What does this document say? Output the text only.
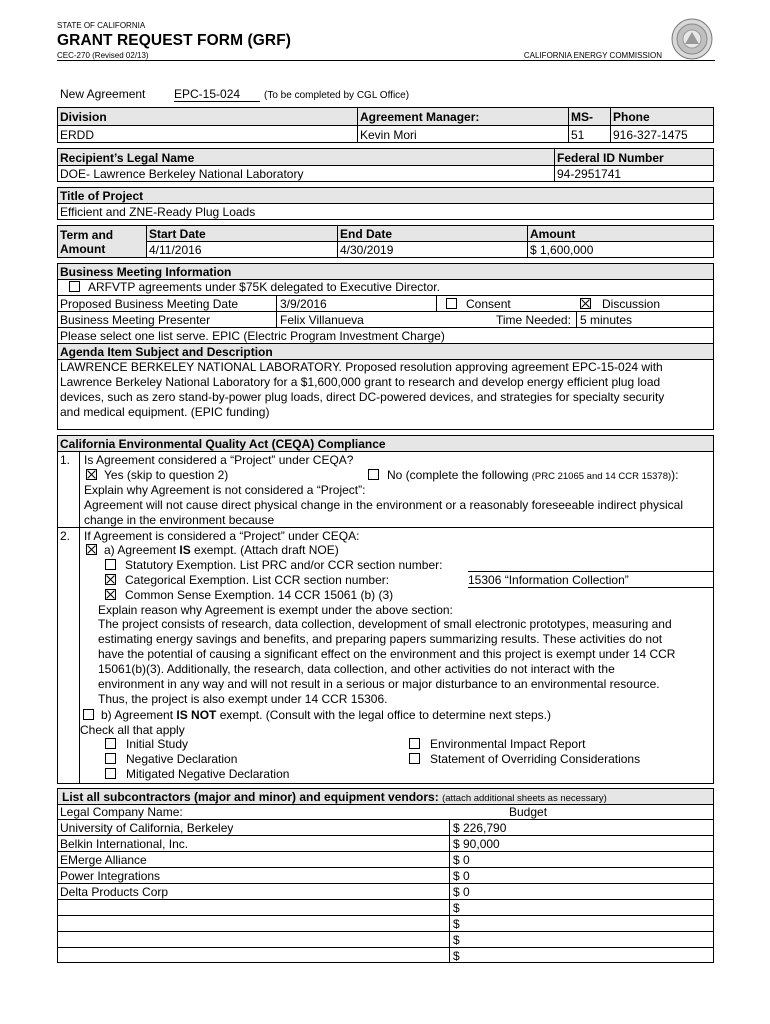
STATE OF CALIFORNIA
GRANT REQUEST FORM (GRF)
CEC-270 (Revised 02/13)	CALIFORNIA ENERGY COMMISSION
New Agreement EPC-15-024	(To be completed by CGL Office)
Division	Agreement Manager:	MS- Phone
ERDD	Kevin Mori	51 916-327-1475
Recipient’s Legal Name	Federal ID Number
DOE- Lawrence Berkeley National Laboratory	94-2951741
Title of Project
Efficient and ZNE-Ready Plug Loads
Term and
Amount
Start Date	End Date	Amount
4/11/2016	4/30/2019	$ 1,600,000
Business Meeting Information
ARFVTP agreements under $75K delegated to Executive Director.
Proposed Business Meeting Date	3/9/2016	Consent	Discussion
Business Meeting Presenter	Felix Villanueva	Time Needed: 5 minutes
Please select one list serve. EPIC (Electric Program Investment Charge)
Agenda Item Subject and Description
LAWRENCE BERKELEY NATIONAL LABORATORY. Proposed resolution approving agreement EPC-15-024 with
Lawrence Berkeley National Laboratory for a $1,600,000 grant to research and develop energy efficient plug load
devices, such as zero stand-by-power plug loads, direct DC-powered devices, and strategies for specialty security
and medical equipment. (EPIC funding)
California Environmental Quality Act (CEQA) Compliance
1. Is Agreement considered a “Project” under CEQA?
Yes (skip to question 2)	No (complete the following (PRC 21065 and 14 CCR 15378)):
Explain why Agreement is not considered a “Project”:
Agreement will not cause direct physical change in the environment or a reasonably foreseeable indirect physical
change in the environment because
2. If Agreement is considered a “Project” under CEQA:
a) Agreement IS exempt. (Attach draft NOE)
Statutory Exemption. List PRC and/or CCR section number:
Categorical Exemption. List CCR section number:	15306 “Information Collection”
Common Sense Exemption. 14 CCR 15061 (b) (3)
Explain reason why Agreement is exempt under the above section:
The project consists of research, data collection, development of small electronic prototypes, measuring and
estimating energy savings and benefits, and preparing papers summarizing results. These activities do not
have the potential of causing a significant effect on the environment and this project is exempt under 14 CCR
15061(b)(3). Additionally, the research, data collection, and other activities do not interact with the
environment in any way and will not result in a serious or major disturbance to an environmental resource.
Thus, the project is also exempt under 14 CCR 15306.
b) Agreement IS NOT exempt. (Consult with the legal office to determine next steps.)
Check all that apply
Initial Study
Negative Declaration
Mitigated Negative Declaration
Environmental Impact Report
Statement of Overriding Considerations
List all subcontractors (major and minor) and equipment vendors: (attach additional sheets as necessary)
Legal Company Name:	Budget
University of California, Berkeley	$ 226,790
Belkin International, Inc.	$ 90,000
EMerge Alliance	$ 0
Power Integrations	$ 0
Delta Products Corp	$ 0
$
$
$
$
